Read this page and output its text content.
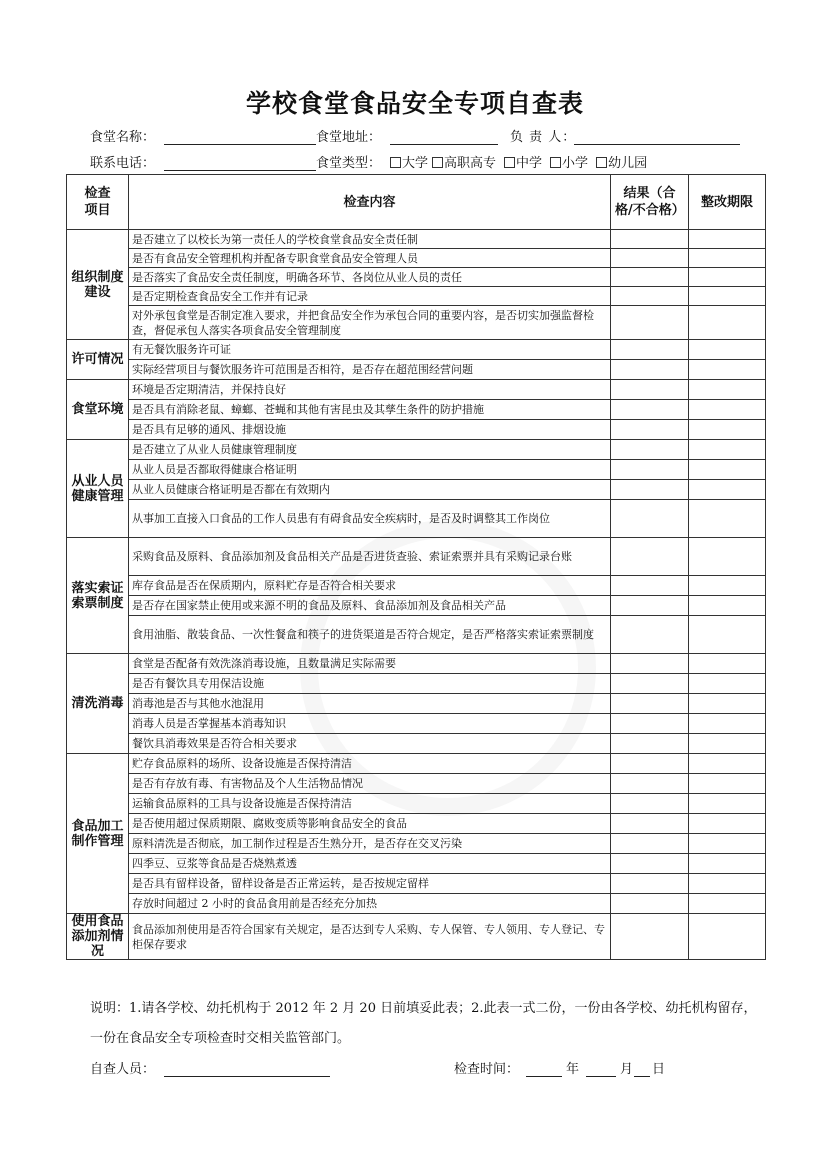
学校食堂食品安全专项自查表
食堂名称：	食堂地址：	负 责 人：
联系电话：	食堂类型：	大学 高职高专 中学 小学 幼儿园
检查项目	检查内容	结果（合格/不合格）	整改期限
组织制度建设	是否建立了以校长为第一责任人的学校食堂食品安全责任制		
	是否有食品安全管理机构并配备专职食堂食品安全管理人员		
	是否落实了食品安全责任制度，明确各环节、各岗位从业人员的责任		
	是否定期检查食品安全工作并有记录		
	对外承包食堂是否制定准入要求，并把食品安全作为承包合同的重要内容，是否切实加强监督检查，督促承包人落实各项食品安全管理制度		
许可情况	有无餐饮服务许可证		
	实际经营项目与餐饮服务许可范围是否相符，是否存在超范围经营问题		
食堂环境	环境是否定期清洁，并保持良好		
	是否具有消除老鼠、蟑螂、苍蝇和其他有害昆虫及其孳生条件的防护措施		
	是否具有足够的通风、排烟设施		
从业人员健康管理	是否建立了从业人员健康管理制度		
	从业人员是否都取得健康合格证明		
	从业人员健康合格证明是否都在有效期内		
	从事加工直接入口食品的工作人员患有有碍食品安全疾病时，是否及时调整其工作岗位		
落实索证索票制度	采购食品及原料、食品添加剂及食品相关产品是否进货查验、索证索票并具有采购记录台账		
	库存食品是否在保质期内，原料贮存是否符合相关要求		
	是否存在国家禁止使用或来源不明的食品及原料、食品添加剂及食品相关产品		
	食用油脂、散装食品、一次性餐盒和筷子的进货渠道是否符合规定，是否严格落实索证索票制度		
清洗消毒	食堂是否配备有效洗涤消毒设施，且数量满足实际需要		
	是否有餐饮具专用保洁设施		
	消毒池是否与其他水池混用		
	消毒人员是否掌握基本消毒知识		
	餐饮具消毒效果是否符合相关要求		
食品加工制作管理	贮存食品原料的场所、设备设施是否保持清洁		
	是否有存放有毒、有害物品及个人生活物品情况		
	运输食品原料的工具与设备设施是否保持清洁		
	是否使用超过保质期限、腐败变质等影响食品安全的食品		
	原料清洗是否彻底，加工制作过程是否生熟分开，是否存在交叉污染		
	四季豆、豆浆等食品是否烧熟煮透		
	是否具有留样设备，留样设备是否正常运转，是否按规定留样		
	存放时间超过 2 小时的食品食用前是否经充分加热		
使用食品添加剂情况	食品添加剂使用是否符合国家有关规定，是否达到专人采购、专人保管、专人领用、专人登记、专柜保存要求		
说明：1.请各学校、幼托机构于 2012 年 2 月 20 日前填妥此表；2.此表一式二份，一份由各学校、幼托机构留存，一份在食品安全专项检查时交相关监管部门。
自查人员：	检查时间：	年	月 日
